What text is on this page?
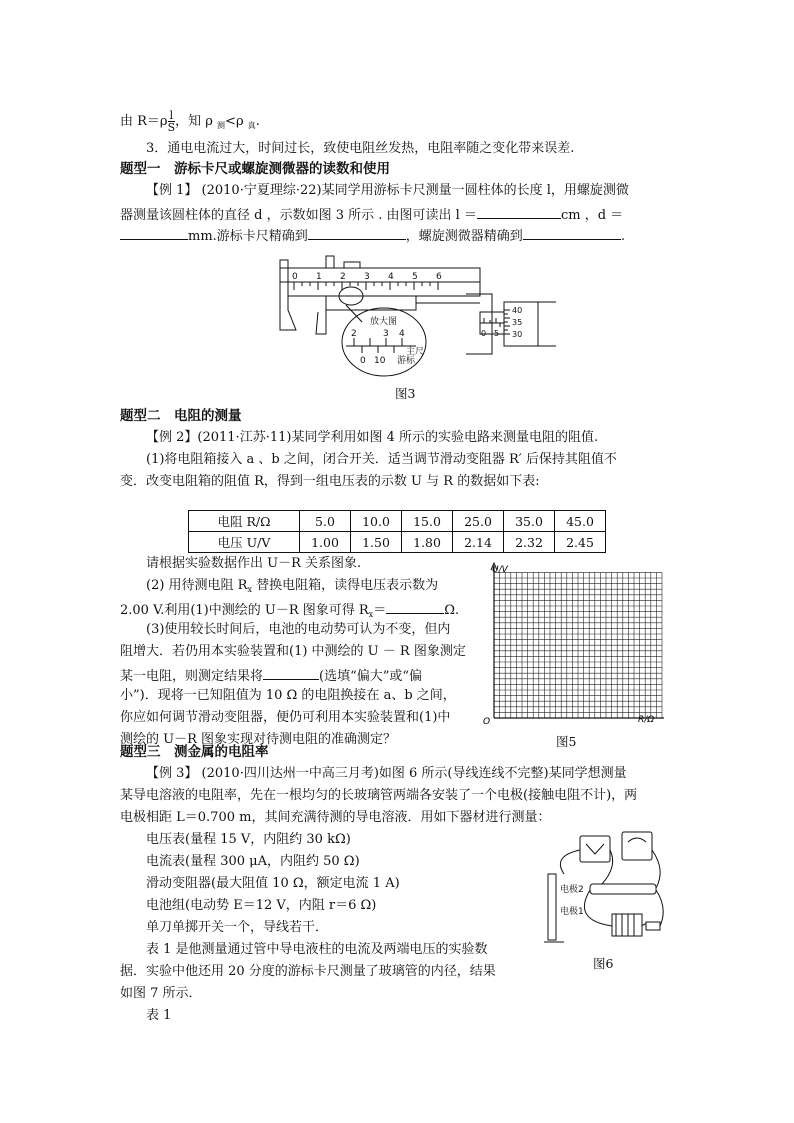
由 $R=\rho \frac{l}{S}$ ，知 ρ $_测$<ρ $_真$.
3．通电电流过大，时间过长，致使电阻丝发热，电阻率随之变化带来误差.
题型一　游标卡尺或螺旋测微器的读数和使用
【例 1】 (2010·宁夏理综·22)某同学用游标卡尺测量一圆柱体的长度 l，用螺旋测微
器测量该圆柱体的直径 d ，示数如图 3 所示 . 由图可读出 l ＝	cm ，d ＝
mm.游标卡尺精确到	，螺旋测微器精确到	.
0 1 2 3 4 5 6
放大图
2	3 4
主尺
0 10 游标
40
35
30
0 5
图3
题型二　电阻的测量
【例 2】(2011·江苏·11)某同学利用如图 4 所示的实验电路来测量电阻的阻值.
(1)将电阻箱接入 a 、b 之间，闭合开关．适当调节滑动变阻器 R′ 后保持其阻值不
变．改变电阻箱的阻值 R，得到一组电压表的示数 U 与 R 的数据如下表:
电阻 R/Ω	5.0	10.0	15.0	25.0	35.0	45.0
电压 U/V	1.00	1.50	1.80	2.14	2.32	2.45
请根据实验数据作出 U－R 关系图象.
(2) 用待测电阻 $R_x$ 替换电阻箱，读得电压表示数为
2.00 V.利用(1)中测绘的 U－R 图象可得 $R_x=$	Ω.
(3)使用较长时间后，电池的电动势可认为不变，但内
阻增大．若仍用本实验装置和(1) 中测绘的 U － R 图象测定
某一电阻，则测定结果将	(选填“偏大”或“偏
小”)．现将一已知阻值为 10 Ω 的电阻换接在 a、b 之间，
你应如何调节滑动变阻器，便仍可利用本实验装置和(1)中
测绘的 U－R 图象实现对待测电阻的准确测定？
U/V
R/Ω
O
图5
题型三　测金属的电阻率
【例 3】 (2010·四川达州一中高三月考)如图 6 所示(导线连线不完整)某同学想测量
某导电溶液的电阻率，先在一根均匀的长玻璃管两端各安装了一个电极(接触电阻不计)，两
电极相距 L＝0.700 m，其间充满待测的导电溶液．用如下器材进行测量：
电压表(量程 15 V，内阻约 30 kΩ)
电流表(量程 300 μA，内阻约 50 Ω)
滑动变阻器(最大阻值 10 Ω，额定电流 1 A)
电池组(电动势 E＝12 V，内阻 r＝6 Ω)
单刀单掷开关一个，导线若干．
表 1 是他测量通过管中导电液柱的电流及两端电压的实验数
据．实验中他还用 20 分度的游标卡尺测量了玻璃管的内径，结果
如图 7 所示．
表 1
电极2
电极1
图6
